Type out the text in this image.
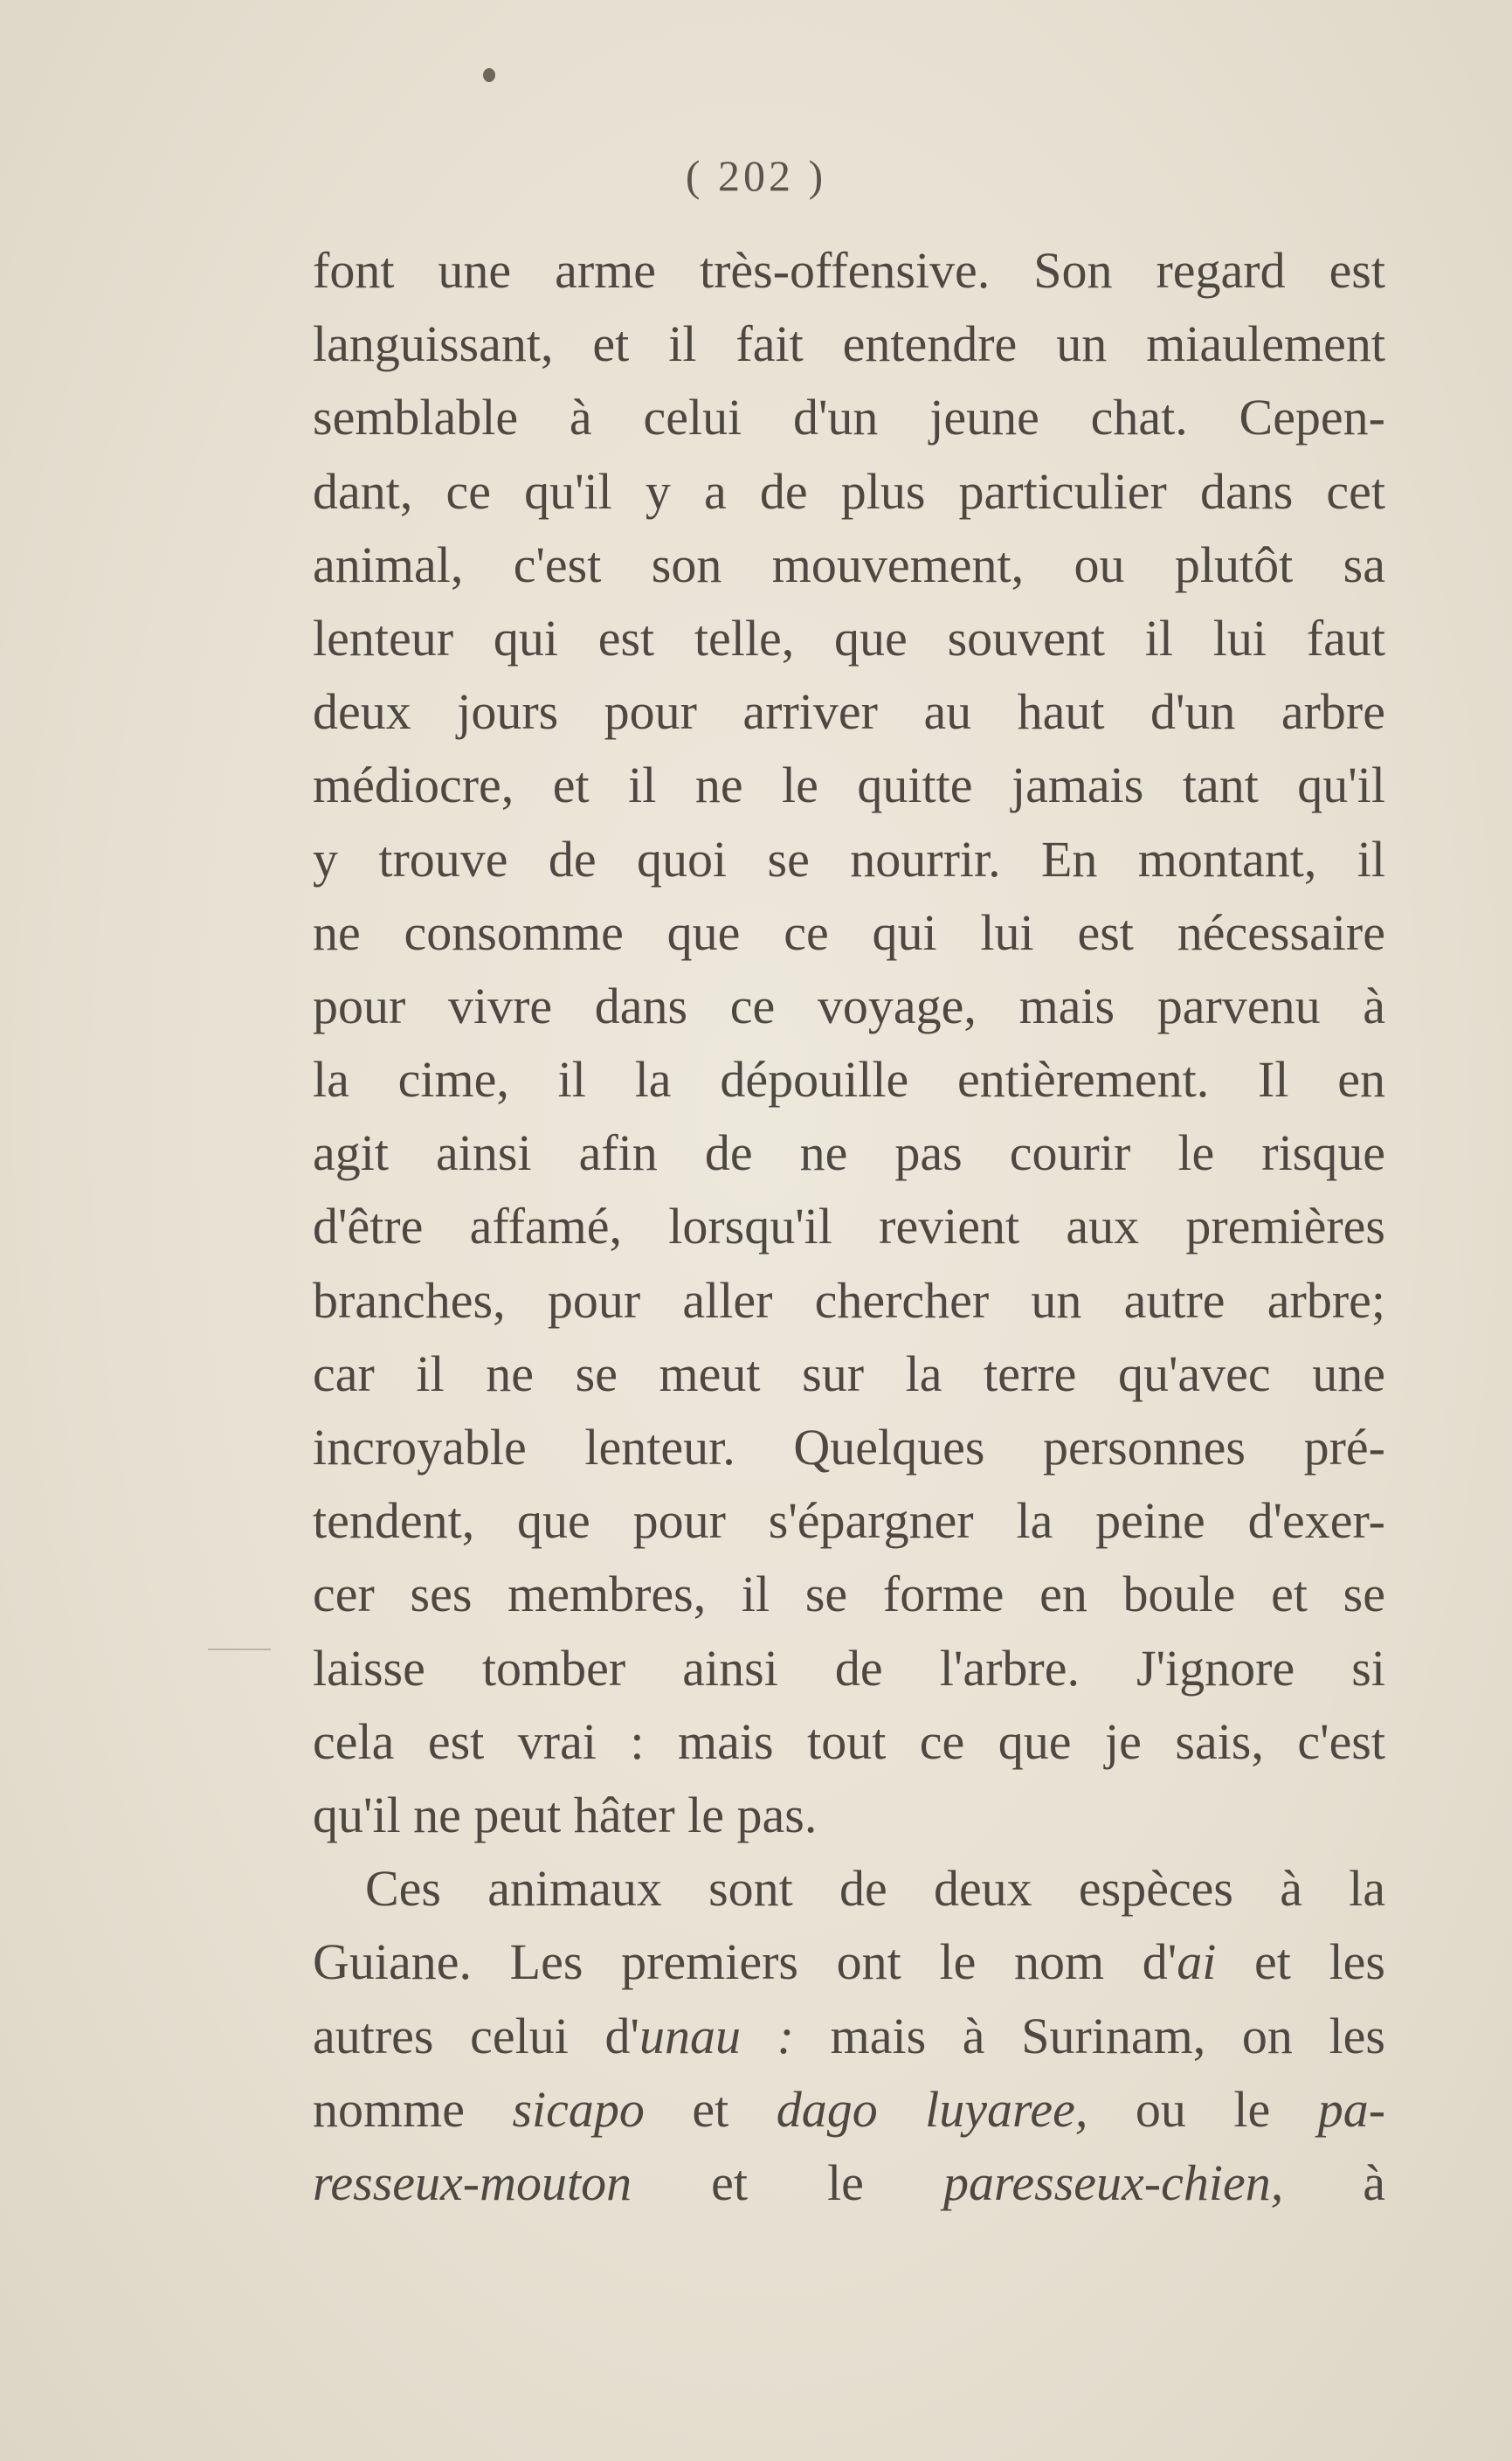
( 202 )
font une arme très-offensive. Son regard est
languissant, et il fait entendre un miaulement
semblable à celui d'un jeune chat. Cepen-
dant, ce qu'il y a de plus particulier dans cet
animal, c'est son mouvement, ou plutôt sa
lenteur qui est telle, que souvent il lui faut
deux jours pour arriver au haut d'un arbre
médiocre, et il ne le quitte jamais tant qu'il
y trouve de quoi se nourrir. En montant, il
ne consomme que ce qui lui est nécessaire
pour vivre dans ce voyage, mais parvenu à
la cime, il la dépouille entièrement. Il en
agit ainsi afin de ne pas courir le risque
d'être affamé, lorsqu'il revient aux premières
branches, pour aller chercher un autre arbre;
car il ne se meut sur la terre qu'avec une
incroyable lenteur. Quelques personnes pré-
tendent, que pour s'épargner la peine d'exer-
cer ses membres, il se forme en boule et se
laisse tomber ainsi de l'arbre. J'ignore si
cela est vrai : mais tout ce que je sais, c'est
qu'il ne peut hâter le pas.
Ces animaux sont de deux espèces à la
Guiane. Les premiers ont le nom d'ai et les
autres celui d'unau : mais à Surinam, on les
nomme sicapo et dago luyaree, ou le pa-
resseux-mouton et le paresseux-chien, à
